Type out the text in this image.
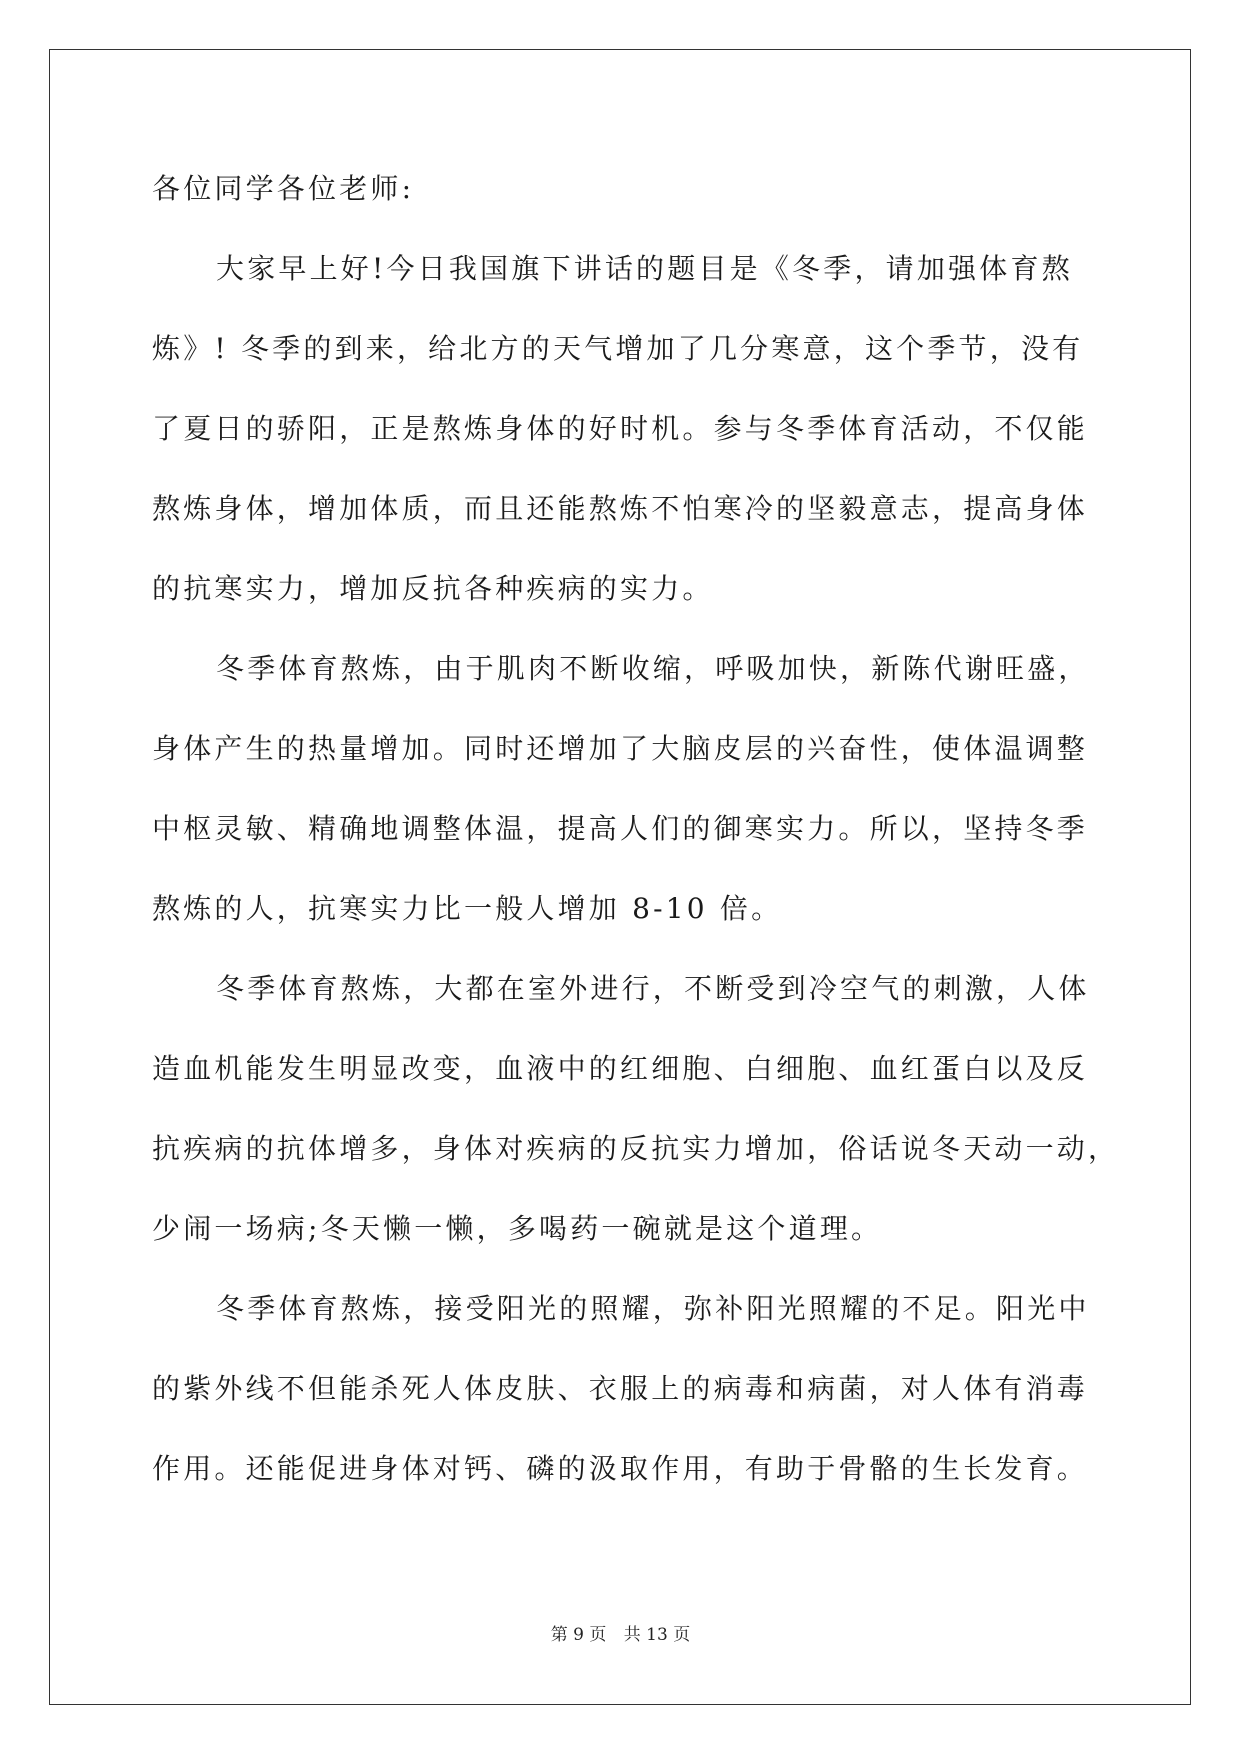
各位同学各位老师:
大家早上好!今日我国旗下讲话的题目是《冬季，请加强体育熬
炼》! 冬季的到来，给北方的天气增加了几分寒意，这个季节，没有
了夏日的骄阳，正是熬炼身体的好时机。参与冬季体育活动，不仅能
熬炼身体，增加体质，而且还能熬炼不怕寒冷的坚毅意志，提高身体
的抗寒实力，增加反抗各种疾病的实力。
冬季体育熬炼，由于肌肉不断收缩，呼吸加快，新陈代谢旺盛，
身体产生的热量增加。同时还增加了大脑皮层的兴奋性，使体温调整
中枢灵敏、精确地调整体温，提高人们的御寒实力。所以，坚持冬季
熬炼的人，抗寒实力比一般人增加 8-10 倍。
冬季体育熬炼，大都在室外进行，不断受到冷空气的刺激，人体
造血机能发生明显改变，血液中的红细胞、白细胞、血红蛋白以及反
抗疾病的抗体增多，身体对疾病的反抗实力增加，俗话说冬天动一动，
少闹一场病;冬天懒一懒，多喝药一碗就是这个道理。
冬季体育熬炼，接受阳光的照耀，弥补阳光照耀的不足。阳光中
的紫外线不但能杀死人体皮肤、衣服上的病毒和病菌，对人体有消毒
作用。还能促进身体对钙、磷的汲取作用，有助于骨骼的生长发育。
第 9 页 共 13 页
